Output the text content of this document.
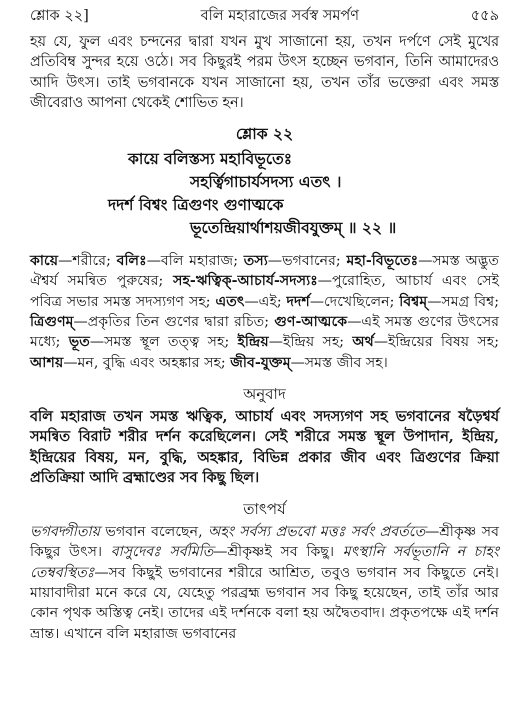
শ্লোক ২২]	বলি মহারাজের সর্বস্ব সমর্পণ	৫৫৯

হয় যে, ফুল এবং চন্দনের দ্বারা যখন মুখ সাজানো হয়, তখন দর্পণে সেই মুখের প্রতিবিম্ব সুন্দর হয়ে ওঠে। সব কিছুরই পরম উৎস হচ্ছেন ভগবান, তিনি আমাদেরও আদি উৎস। তাই ভগবানকে যখন সাজানো হয়, তখন তাঁর ভক্তেরা এবং সমস্ত জীবেরাও আপনা থেকেই শোভিত হন।

শ্লোক ২২
কায়ে বলিস্তস্য মহাবিভূতেঃ
সহর্ত্বিগাচার্যসদস্য এতৎ ।
দদর্শ বিশ্বং ত্রিগুণং গুণাত্মকে
ভূতেন্দ্রিয়ার্থাশয়জীবযুক্তম্ ॥ ২২ ॥

কায়ে—শরীরে; বলিঃ—বলি মহারাজ; তস্য—ভগবানের; মহা-বিভূতেঃ—সমস্ত অদ্ভুত ঐশ্বর্য সমন্বিত পুরুষের; সহ-ঋত্বিক্-আচার্য-সদস্যঃ—পুরোহিত, আচার্য এবং সেই পবিত্র সভার সমস্ত সদস্যগণ সহ; এতৎ—এই; দদর্শ—দেখেছিলেন; বিশ্বম্—সমগ্র বিশ্ব; ত্রিগুণম্—প্রকৃতির তিন গুণের দ্বারা রচিত; গুণ-আত্মকে—এই সমস্ত গুণের উৎসের মধ্যে; ভূত—সমস্ত স্থূল তত্ত্ব সহ; ইন্দ্রিয়—ইন্দ্রিয় সহ; অর্থ—ইন্দ্রিয়ের বিষয় সহ; আশয়—মন, বুদ্ধি এবং অহঙ্কার সহ; জীব-যুক্তম্—সমস্ত জীব সহ।

অনুবাদ

বলি মহারাজ তখন সমস্ত ঋত্বিক, আচার্য এবং সদস্যগণ সহ ভগবানের ষড়ৈশ্বর্য সমন্বিত বিরাট শরীর দর্শন করেছিলেন। সেই শরীরে সমস্ত স্থূল উপাদান, ইন্দ্রিয়, ইন্দ্রিয়ের বিষয়, মন, বুদ্ধি, অহঙ্কার, বিভিন্ন প্রকার জীব এবং ত্রিগুণের ক্রিয়া প্রতিক্রিয়া আদি ব্রহ্মাণ্ডের সব কিছু ছিল।

তাৎপর্য

ভগবদ্গীতায় ভগবান বলেছেন, অহং সর্বস্য প্রভবো মত্তঃ সর্বং প্রবর্ততে—শ্রীকৃষ্ণ সব কিছুর উৎস। বাসুদেবঃ সর্বমিতি—শ্রীকৃষ্ণই সব কিছু। মৎস্থানি সর্বভূতানি ন চাহং তেম্ববস্থিতঃ—সব কিছুই ভগবানের শরীরে আশ্রিত, তবুও ভগবান সব কিছুতে নেই। মায়াবাদীরা মনে করে যে, যেহেতু পরব্রহ্ম ভগবান সব কিছু হয়েছেন, তাই তাঁর আর কোন পৃথক অস্তিত্ব নেই। তাদের এই দর্শনকে বলা হয় অদ্বৈতবাদ। প্রকৃতপক্ষে এই দর্শন ভ্রান্ত। এখানে বলি মহারাজ ভগবানের
